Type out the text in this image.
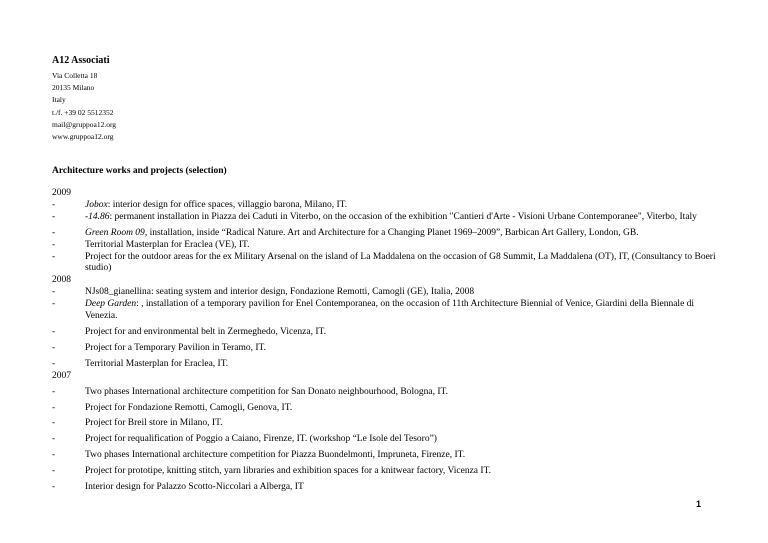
A12 Associati
Via Colletta 18
20135 Milano
Italy
t./f. +39 02 5512352
mail@gruppoa12.org
www.gruppoa12.org
Architecture works and projects (selection)
2009
-	Jobox: interior design for office spaces, villaggio barona, Milano, IT.
-	-14.86: permanent installation in Piazza dei Caduti in Viterbo, on the occasion of the exhibition "Cantieri d'Arte - Visioni Urbane Contemporanee", Viterbo, Italy
-	Green Room 09, installation, inside “Radical Nature. Art and Architecture for a Changing Planet 1969–2009”, Barbican Art Gallery, London, GB.
-	Territorial Masterplan for Eraclea (VE), IT.
-	Project for the outdoor areas for the ex Military Arsenal on the island of La Maddalena on the occasion of G8 Summit, La Maddalena (OT), IT, (Consultancy to Boeri studio)
2008
-	NJs08_gianellina: seating system and interior design, Fondazione Remotti, Camogli (GE), Italia, 2008
-	Deep Garden: , installation of a temporary pavilion for Enel Contemporanea, on the occasion of 11th Architecture Biennial of Venice, Giardini della Biennale di Venezia.
-	Project for and environmental belt in Zermeghedo, Vicenza, IT.
-	Project for a Temporary Pavilion in Teramo, IT.
-	Territorial Masterplan for Eraclea, IT.
2007
-	Two phases International architecture competition for San Donato neighbourhood, Bologna, IT.
-	Project for Fondazione Remotti, Camogli, Genova, IT.
-	Project for Breil store in Milano, IT.
-	Project for requalification of Poggio a Caiano, Firenze, IT. (workshop “Le Isole del Tesoro”)
-	Two phases International architecture competition for Piazza Buondelmonti, Impruneta, Firenze, IT.
-	Project for prototipe, knitting stitch, yarn libraries and exhibition spaces for a knitwear factory, Vicenza IT.
-	Interior design for Palazzo Scotto-Niccolari a Alberga, IT
1
